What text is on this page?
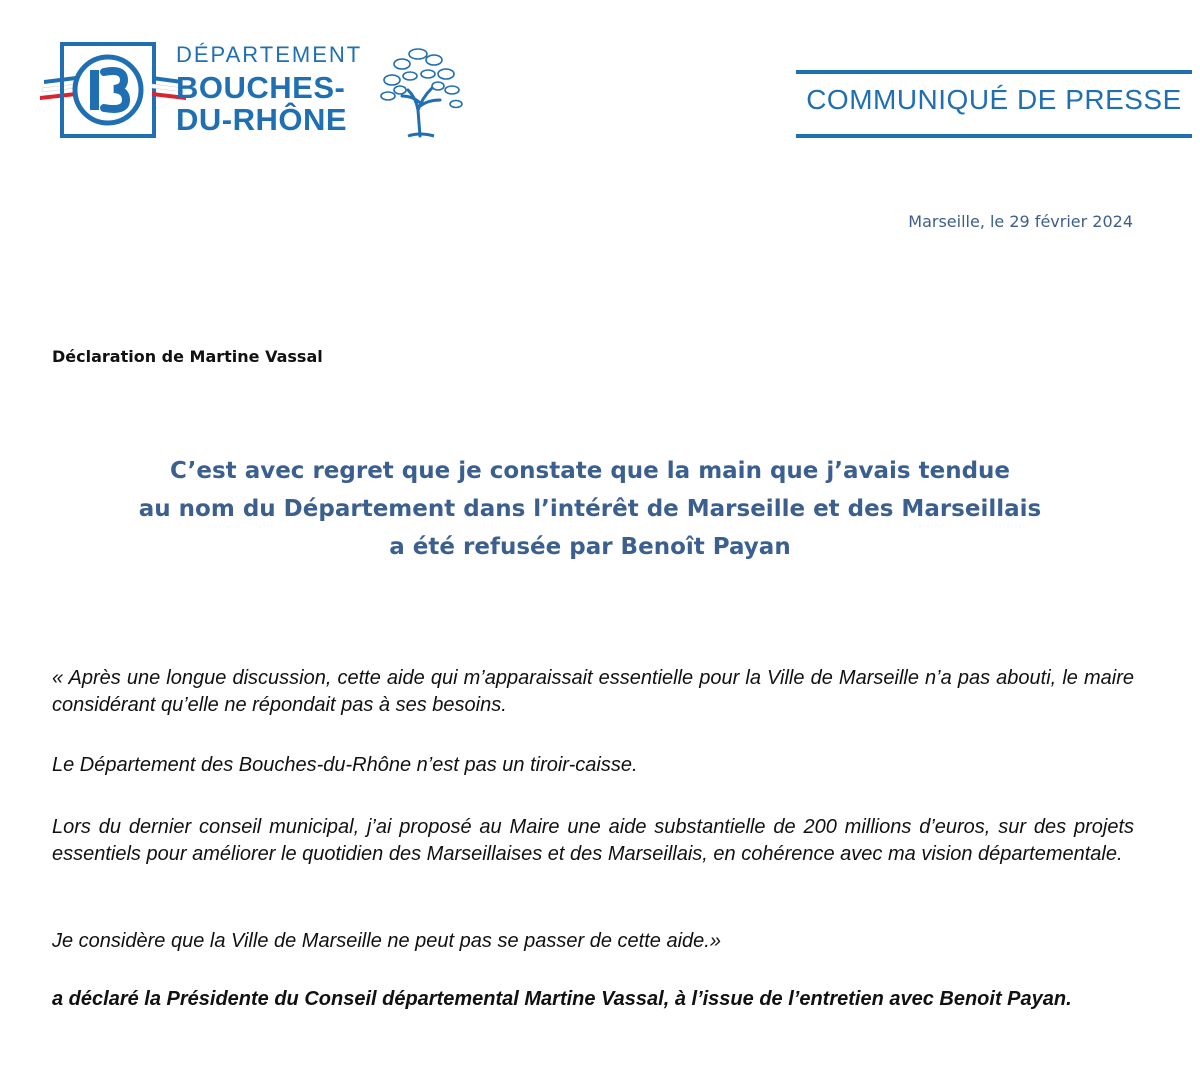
DÉPARTEMENT
BOUCHES-
DU-RHÔNE
COMMUNIQUÉ DE PRESSE
Marseille, le 29 février 2024
Déclaration de Martine Vassal
C’est avec regret que je constate que la main que j’avais tendue
au nom du Département dans l’intérêt de Marseille et des Marseillais
a été refusée par Benoît Payan
« Après une longue discussion, cette aide qui m’apparaissait essentielle pour la Ville de Marseille n’a pas abouti, le maire considérant qu’elle ne répondait pas à ses besoins.
Le Département des Bouches-du-Rhône n’est pas un tiroir-caisse.
Lors du dernier conseil municipal, j’ai proposé au Maire une aide substantielle de 200 millions d’euros, sur des projets essentiels pour améliorer le quotidien des Marseillaises et des Marseillais, en cohérence avec ma vision départementale.
Je considère que la Ville de Marseille ne peut pas se passer de cette aide.»
a déclaré la Présidente du Conseil départemental Martine Vassal, à l’issue de l’entretien avec Benoit Payan.
